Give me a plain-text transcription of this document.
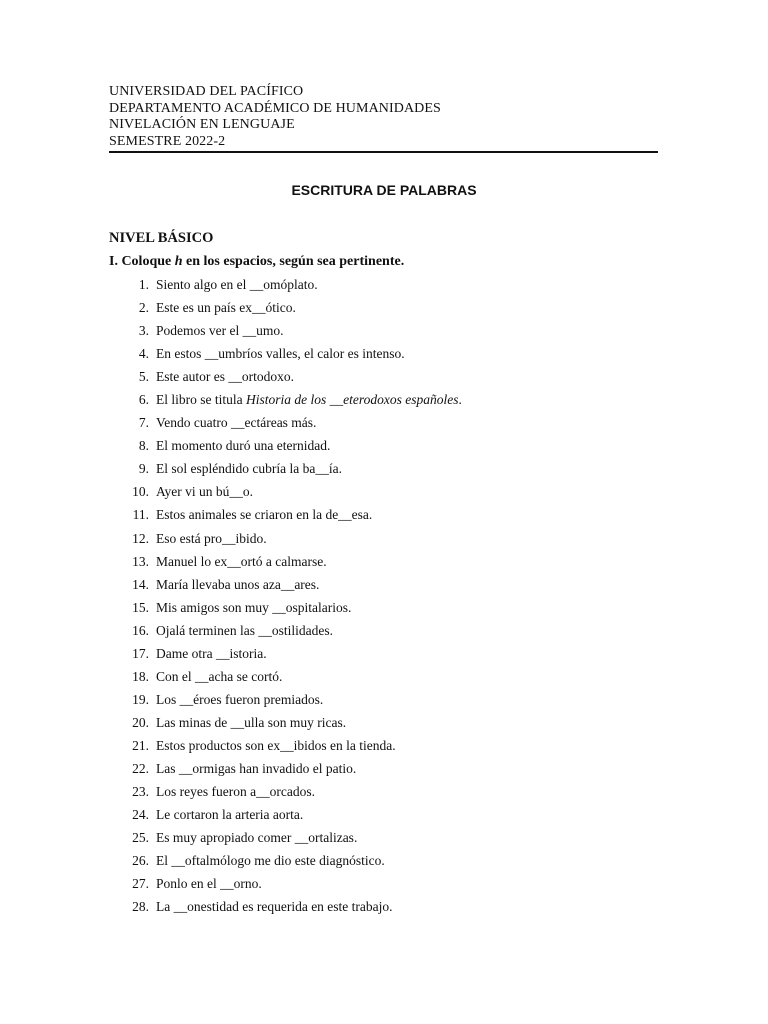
UNIVERSIDAD DEL PACÍFICO
DEPARTAMENTO ACADÉMICO DE HUMANIDADES
NIVELACIÓN EN LENGUAJE
SEMESTRE 2022-2
ESCRITURA DE PALABRAS
NIVEL BÁSICO
I. Coloque h en los espacios, según sea pertinente.
1. Siento algo en el __omóplato.
2. Este es un país ex__ótico.
3. Podemos ver el __umo.
4. En estos __umbríos valles, el calor es intenso.
5. Este autor es __ortodoxo.
6. El libro se titula Historia de los __eterodoxos españoles.
7. Vendo cuatro __ectáreas más.
8. El momento duró una eternidad.
9. El sol espléndido cubría la ba__ía.
10. Ayer vi un bú__o.
11. Estos animales se criaron en la de__esa.
12. Eso está pro__ibido.
13. Manuel lo ex__ortó a calmarse.
14. María llevaba unos aza__ares.
15. Mis amigos son muy __ospitalarios.
16. Ojalá terminen las __ostilidades.
17. Dame otra __istoria.
18. Con el __acha se cortó.
19. Los __éroes fueron premiados.
20. Las minas de __ulla son muy ricas.
21. Estos productos son ex__ibidos en la tienda.
22. Las __ormigas han invadido el patio.
23. Los reyes fueron a__orcados.
24. Le cortaron la arteria aorta.
25. Es muy apropiado comer __ortalizas.
26. El __oftalmólogo me dio este diagnóstico.
27. Ponlo en el __orno.
28. La __onestidad es requerida en este trabajo.
